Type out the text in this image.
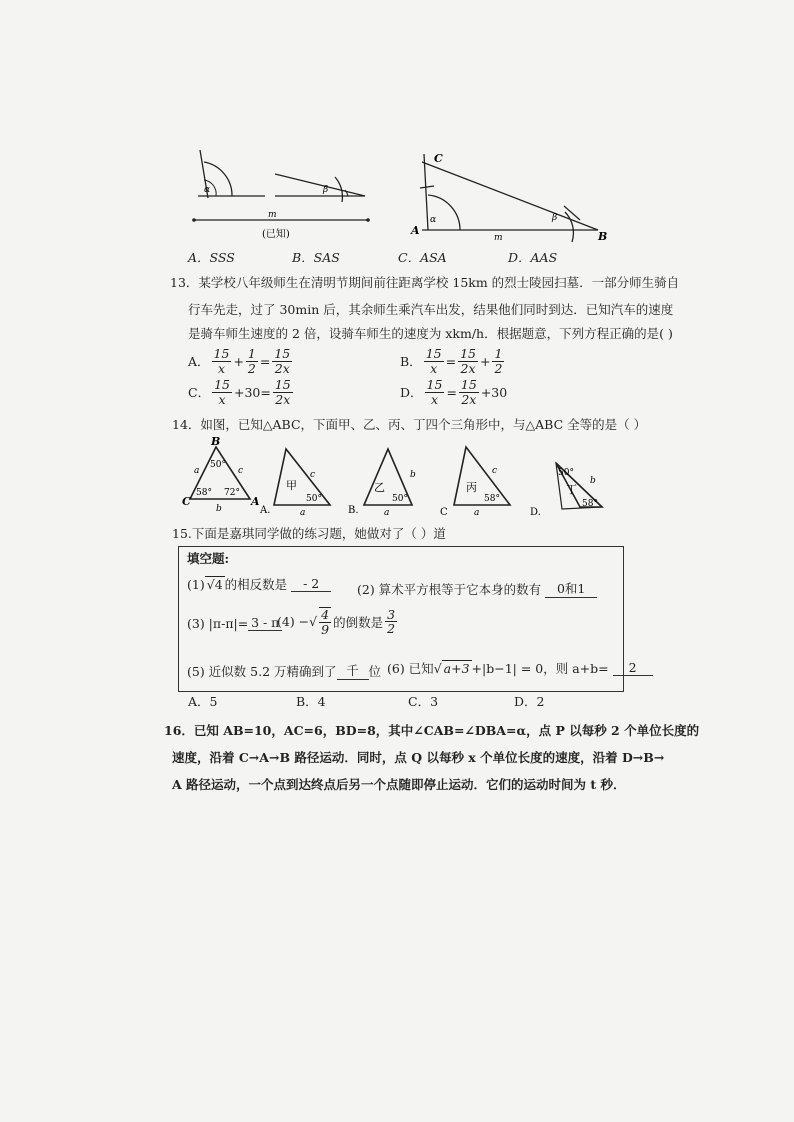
α	β
m
(已知)
C
A	B
α	β
m
A．SSS	B．SAS	C．ASA	D．AAS
13．某学校八年级师生在清明节期间前往距离学校 15km 的烈士陵园扫墓．一部分师生骑自
行车先走，过了 30min 后，其余师生乘汽车出发，结果他们同时到达．已知汽车的速度
是骑车师生速度的 2 倍，设骑车师生的速度为 xkm/h．根据题意，下列方程正确的是( )
A． $\frac{15}{x} + \frac{1}{2} = \frac{15}{2x}$	B． $\frac{15}{x} = \frac{15}{2x} + \frac{1}{2}$
C． $\frac{15}{x} +30 = \frac{15}{2x}$	D． $\frac{15}{x} = \frac{15}{2x} +30$
14．如图，已知△ABC，下面甲、乙、丙、丁四个三角形中，与△ABC 全等的是（ ）
B
C	A
a	c
b
50°
58° 72°
甲
c
a
50°
A.
乙
b
a
50°
B.
丙
c
a
58°
C
50°
丁
b
58°
D.
15.下面是嘉琪同学做的练习题，她做对了（ ）道
填空题:
(1) √4 的相反数是	- 2	(2) 算术平方根等于它本身的数有	0和1
(3) |π-π|= 3 - π
(4) − √ $\frac{4}{9}$ 的倒数是 $\frac{3}{2}$
(5) 近似数 5.2 万精确到了 千 位 (6) 已知 √ a+3 +|b−1| = 0，则 a+b=	2
A．5	B．4	C．3	D．2
16．已知 AB=10，AC=6，BD=8，其中∠CAB=∠DBA=α，点 P 以每秒 2 个单位长度的
速度，沿着 C→A→B 路径运动．同时，点 Q 以每秒 x 个单位长度的速度，沿着 D→B→
A 路径运动，一个点到达终点后另一个点随即停止运动．它们的运动时间为 t 秒．
